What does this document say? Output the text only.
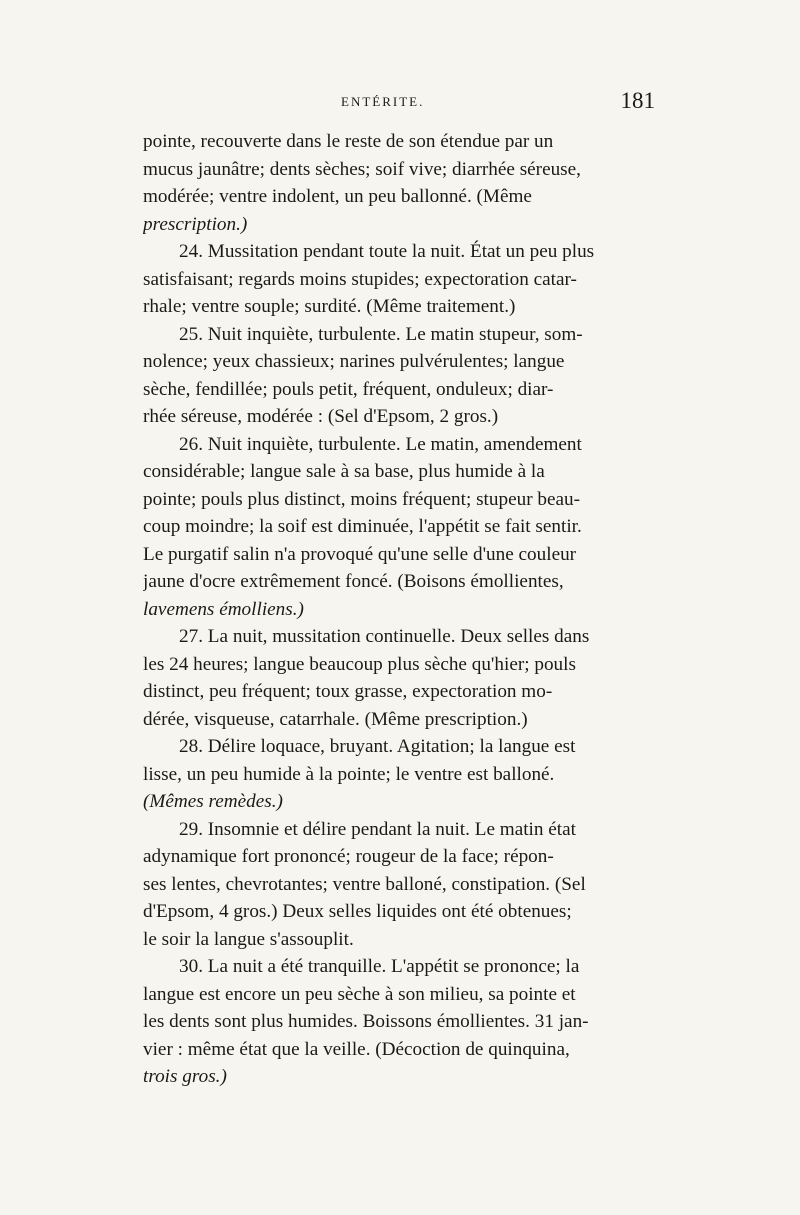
ENTÉRITE.	181
pointe, recouverte dans le reste de son étendue par un
mucus jaunâtre; dents sèches; soif vive; diarrhée séreuse,
modérée; ventre indolent, un peu ballonné. (Même
prescription.)
24. Mussitation pendant toute la nuit. État un peu plus
satisfaisant; regards moins stupides; expectoration catar-
rhale; ventre souple; surdité. (Même traitement.)
25. Nuit inquiète, turbulente. Le matin stupeur, som-
nolence; yeux chassieux; narines pulvérulentes; langue
sèche, fendillée; pouls petit, fréquent, onduleux; diar-
rhée séreuse, modérée : (Sel d'Epsom, 2 gros.)
26. Nuit inquiète, turbulente. Le matin, amendement
considérable; langue sale à sa base, plus humide à la
pointe; pouls plus distinct, moins fréquent; stupeur beau-
coup moindre; la soif est diminuée, l'appétit se fait sentir.
Le purgatif salin n'a provoqué qu'une selle d'une couleur
jaune d'ocre extrêmement foncé. (Boisons émollientes,
lavemens émolliens.)
27. La nuit, mussitation continuelle. Deux selles dans
les 24 heures; langue beaucoup plus sèche qu'hier; pouls
distinct, peu fréquent; toux grasse, expectoration mo-
dérée, visqueuse, catarrhale. (Même prescription.)
28. Délire loquace, bruyant. Agitation; la langue est
lisse, un peu humide à la pointe; le ventre est balloné.
(Mêmes remèdes.)
29. Insomnie et délire pendant la nuit. Le matin état
adynamique fort prononcé; rougeur de la face; répon-
ses lentes, chevrotantes; ventre balloné, constipation. (Sel
d'Epsom, 4 gros.) Deux selles liquides ont été obtenues;
le soir la langue s'assouplit.
30. La nuit a été tranquille. L'appétit se prononce; la
langue est encore un peu sèche à son milieu, sa pointe et
les dents sont plus humides. Boissons émollientes. 31 jan-
vier : même état que la veille. (Décoction de quinquina,
trois gros.)
